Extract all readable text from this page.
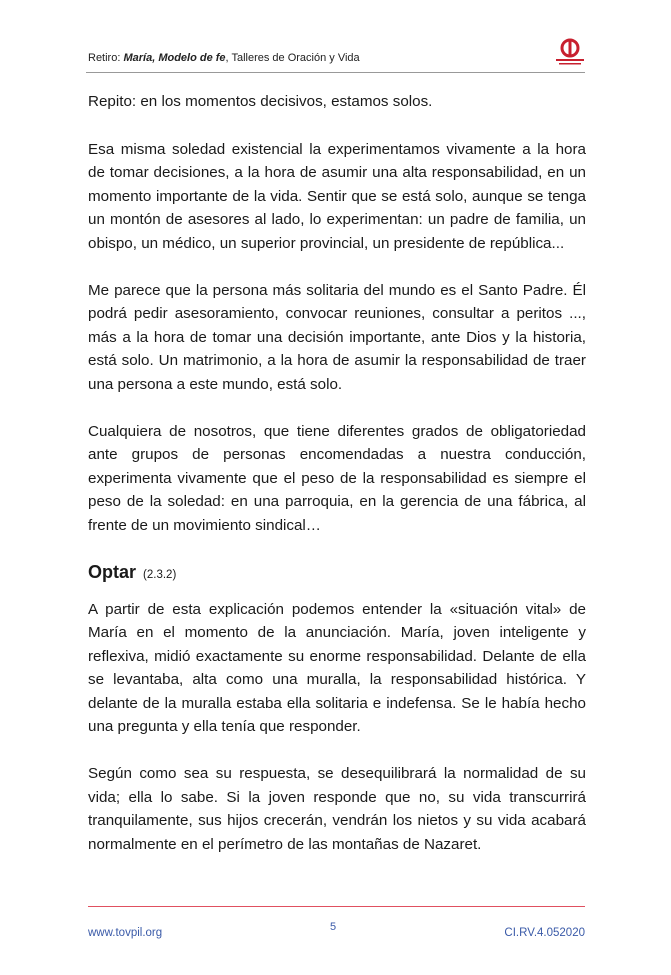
Retiro: María, Modelo de fe, Talleres de Oración y Vida

Repito: en los momentos decisivos, estamos solos.

Esa misma soledad existencial la experimentamos vivamente a la hora de tomar decisiones, a la hora de asumir una alta responsabilidad, en un momento importante de la vida. Sentir que se está solo, aunque se tenga un montón de asesores al lado, lo experimentan: un padre de familia, un obispo, un médico, un superior provincial, un presidente de república...

Me parece que la persona más solitaria del mundo es el Santo Padre. Él podrá pedir asesoramiento, convocar reuniones, consultar a peritos ..., más a la hora de tomar una decisión importante, ante Dios y la historia, está solo. Un matrimonio, a la hora de asumir la responsabilidad de traer una persona a este mundo, está solo.

Cualquiera de nosotros, que tiene diferentes grados de obligatoriedad ante grupos de personas encomendadas a nuestra conducción, experimenta vivamente que el peso de la responsabilidad es siempre el peso de la soledad: en una parroquia, en la gerencia de una fábrica, al frente de un movimiento sindical…

Optar (2.3.2)

A partir de esta explicación podemos entender la «situación vital» de María en el momento de la anunciación. María, joven inteligente y reflexiva, midió exactamente su enorme responsabilidad. Delante de ella se levantaba, alta como una muralla, la responsabilidad histórica. Y delante de la muralla estaba ella solitaria e indefensa. Se le había hecho una pregunta y ella tenía que responder.

Según como sea su respuesta, se desequilibrará la normalidad de su vida; ella lo sabe. Si la joven responde que no, su vida transcurrirá tranquilamente, sus hijos crecerán, vendrán los nietos y su vida acabará normalmente en el perímetro de las montañas de Nazaret.

www.tovpil.org	5	CI.RV.4.052020
